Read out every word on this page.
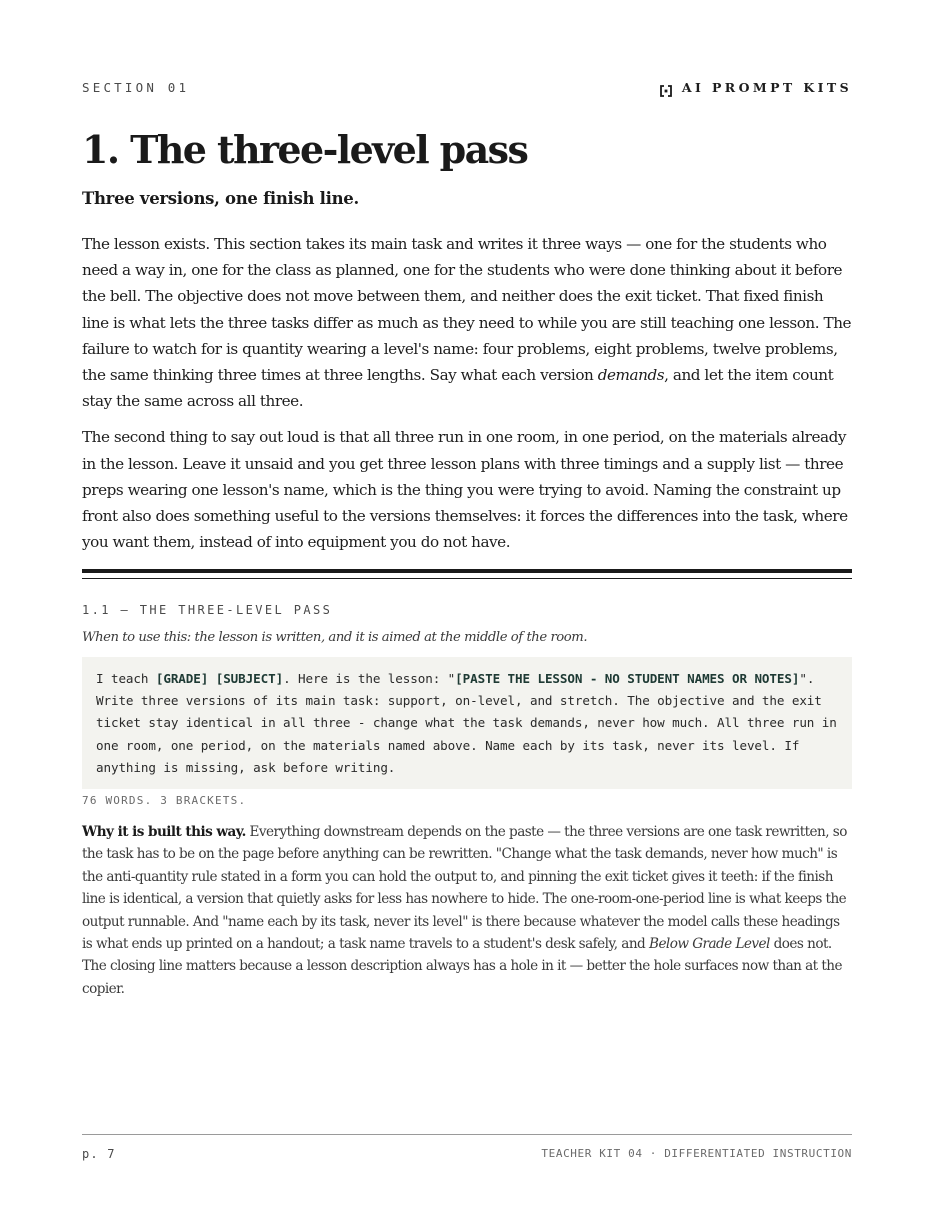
SECTION 01	AI PROMPT KITS
1. The three-level pass
Three versions, one finish line.

The lesson exists. This section takes its main task and writes it three ways — one for the students who need a way in, one for the class as planned, one for the students who were done thinking about it before the bell. The objective does not move between them, and neither does the exit ticket. That fixed finish line is what lets the three tasks differ as much as they need to while you are still teaching one lesson. The failure to watch for is quantity wearing a level's name: four problems, eight problems, twelve problems, the same thinking three times at three lengths. Say what each version demands, and let the item count stay the same across all three.

The second thing to say out loud is that all three run in one room, in one period, on the materials already in the lesson. Leave it unsaid and you get three lesson plans with three timings and a supply list — three preps wearing one lesson's name, which is the thing you were trying to avoid. Naming the constraint up front also does something useful to the versions themselves: it forces the differences into the task, where you want them, instead of into equipment you do not have.

1.1 — THE THREE-LEVEL PASS
When to use this: the lesson is written, and it is aimed at the middle of the room.
I teach [GRADE] [SUBJECT]. Here is the lesson: "[PASTE THE LESSON - NO STUDENT NAMES OR NOTES]". Write three versions of its main task: support, on-level, and stretch. The objective and the exit ticket stay identical in all three - change what the task demands, never how much. All three run in one room, one period, on the materials named above. Name each by its task, never its level. If anything is missing, ask before writing.
76 WORDS. 3 BRACKETS.

Why it is built this way. Everything downstream depends on the paste — the three versions are one task rewritten, so the task has to be on the page before anything can be rewritten. "Change what the task demands, never how much" is the anti-quantity rule stated in a form you can hold the output to, and pinning the exit ticket gives it teeth: if the finish line is identical, a version that quietly asks for less has nowhere to hide. The one-room-one-period line is what keeps the output runnable. And "name each by its task, never its level" is there because whatever the model calls these headings is what ends up printed on a handout; a task name travels to a student's desk safely, and Below Grade Level does not. The closing line matters because a lesson description always has a hole in it — better the hole surfaces now than at the copier.

p. 7	TEACHER KIT 04 · DIFFERENTIATED INSTRUCTION
